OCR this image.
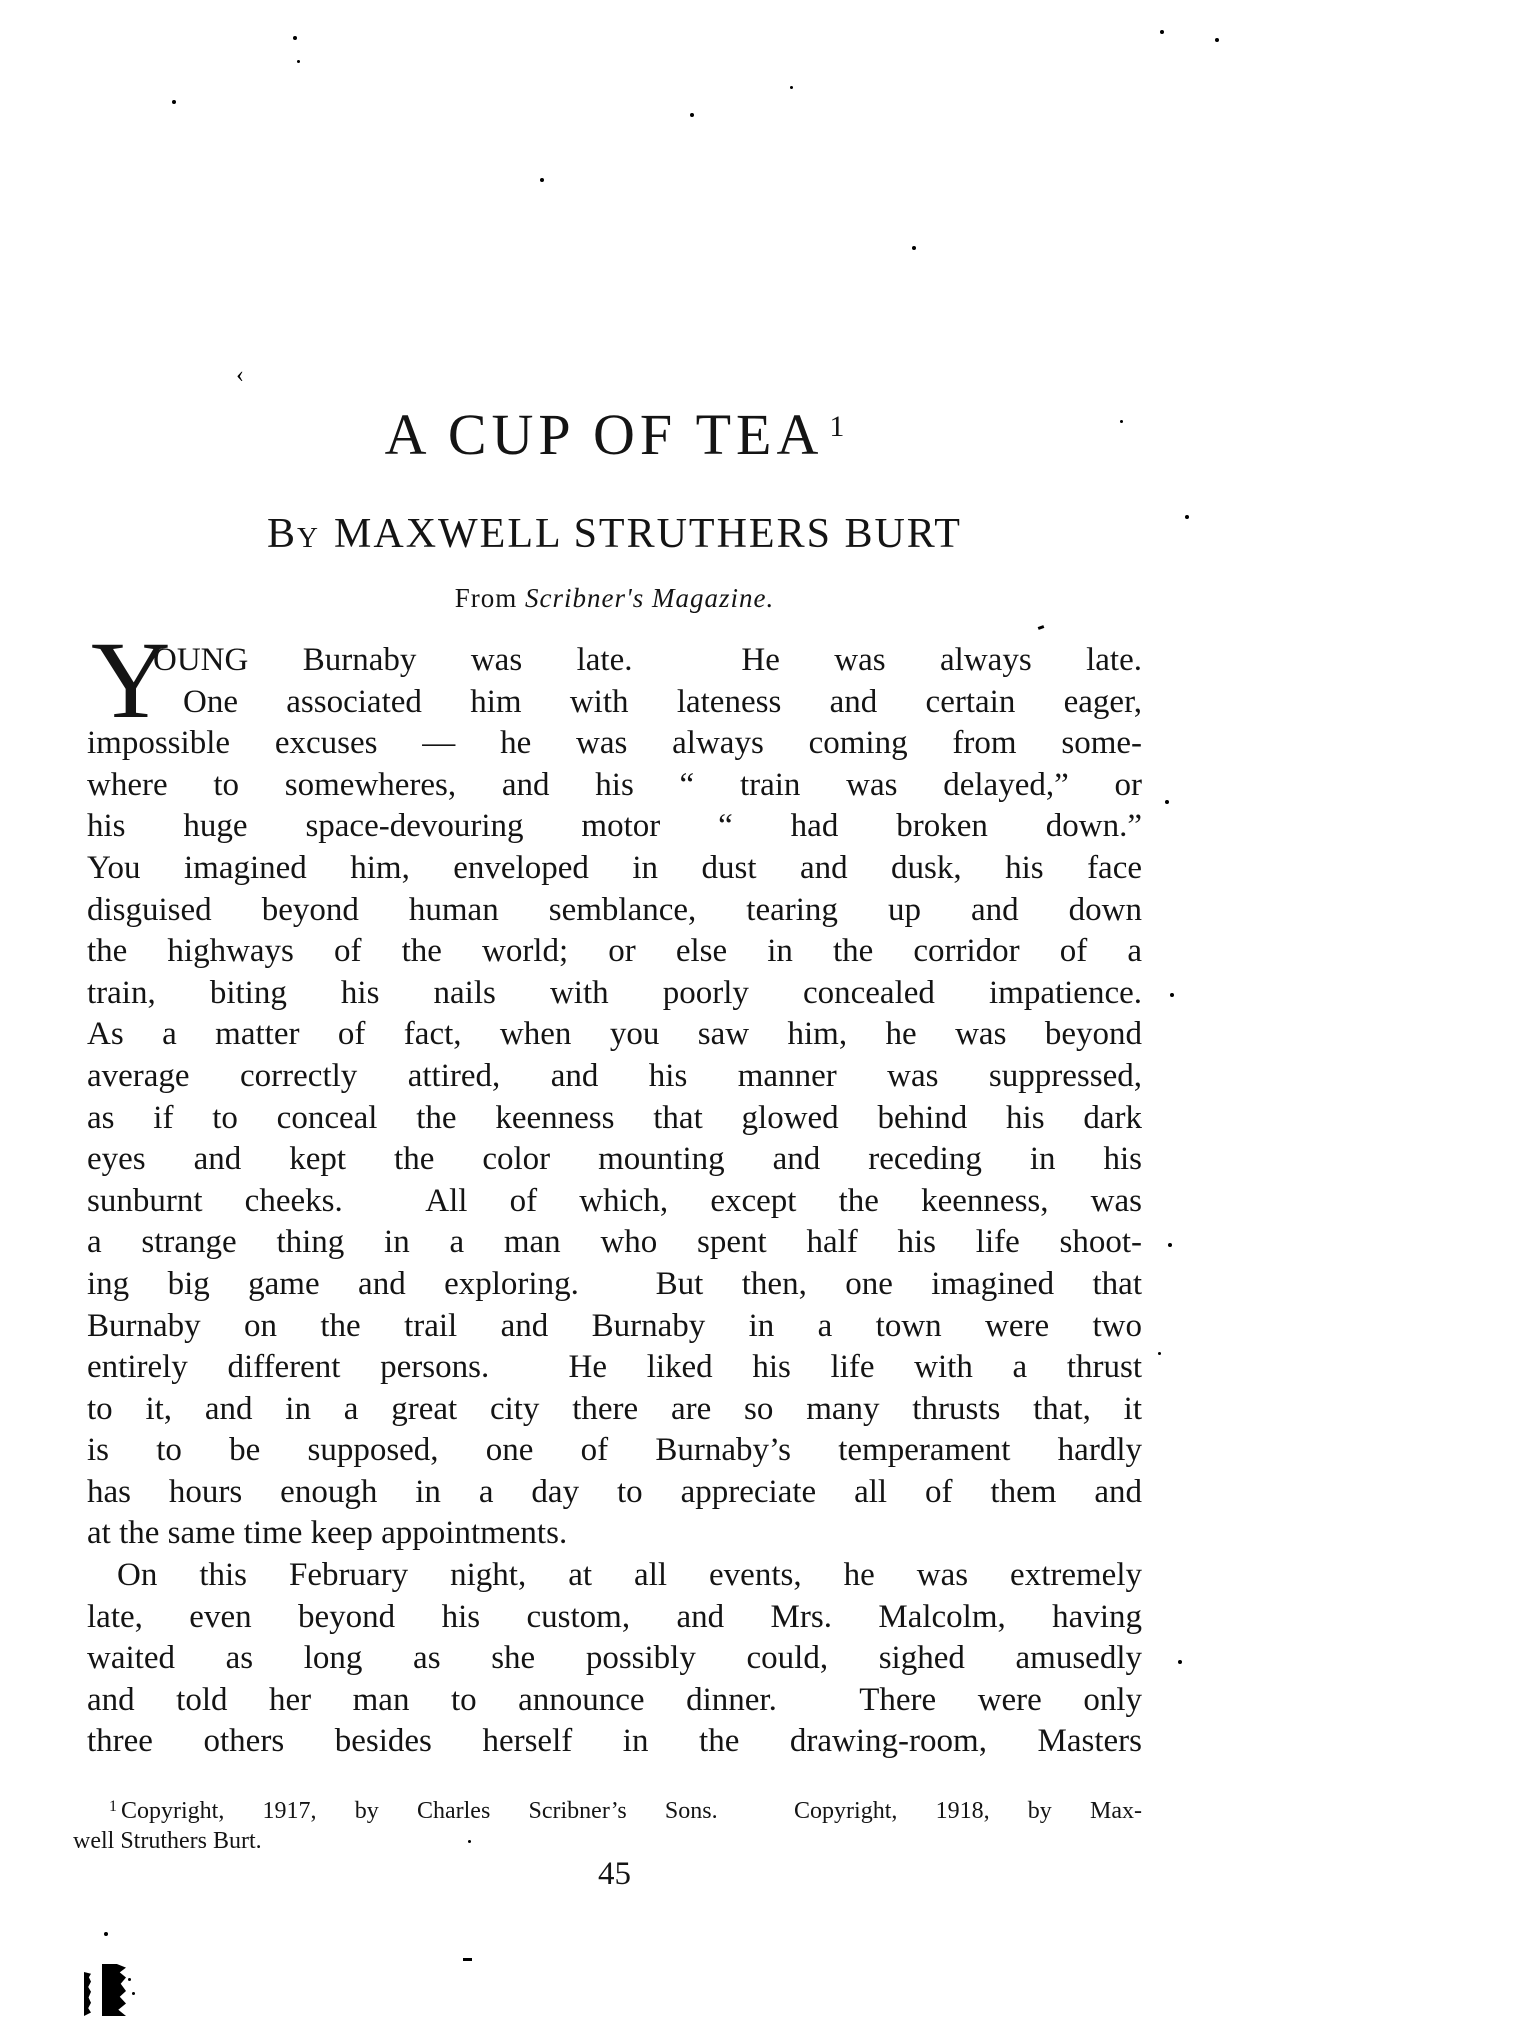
A CUP OF TEA $^1$
By MAXWELL STRUTHERS BURT
From Scribner's Magazine.
Y
OUNG Burnaby was late.  He was always late.
One associated him with lateness and certain eager,
impossible excuses — he was always coming from some-
where to somewheres, and his “ train was delayed,” or
his huge space-devouring motor “ had broken down.”
You imagined him, enveloped in dust and dusk, his face
disguised beyond human semblance, tearing up and down
the highways of the world; or else in the corridor of a
train, biting his nails with poorly concealed impatience.
As a matter of fact, when you saw him, he was beyond
average correctly attired, and his manner was suppressed,
as if to conceal the keenness that glowed behind his dark
eyes and kept the color mounting and receding in his
sunburnt cheeks.  All of which, except the keenness, was
a strange thing in a man who spent half his life shoot-
ing big game and exploring.  But then, one imagined that
Burnaby on the trail and Burnaby in a town were two
entirely different persons.  He liked his life with a thrust
to it, and in a great city there are so many thrusts that, it
is to be supposed, one of Burnaby’s temperament hardly
has hours enough in a day to appreciate all of them and
at the same time keep appointments.
On this February night, at all events, he was extremely
late, even beyond his custom, and Mrs. Malcolm, having
waited as long as she possibly could, sighed amusedly
and told her man to announce dinner.  There were only
three others besides herself in the drawing-room, Masters
$^1$ Copyright, 1917, by Charles Scribner’s Sons.  Copyright, 1918, by Max-
well Struthers Burt.
45
‹
